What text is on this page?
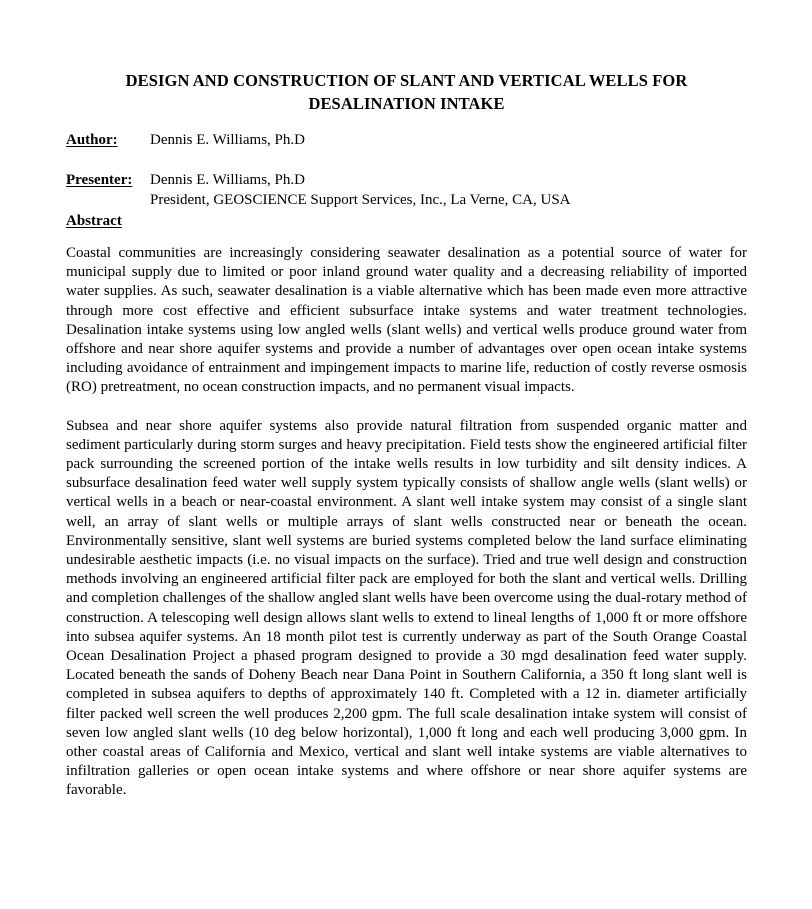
DESIGN AND CONSTRUCTION OF SLANT AND VERTICAL WELLS FOR
DESALINATION INTAKE
Author:	Dennis E. Williams, Ph.D
Presenter:	Dennis E. Williams, Ph.D
President, GEOSCIENCE Support Services, Inc., La Verne, CA, USA
Abstract

Coastal communities are increasingly considering seawater desalination as a potential source of water for municipal supply due to limited or poor inland ground water quality and a decreasing reliability of imported water supplies. As such, seawater desalination is a viable alternative which has been made even more attractive through more cost effective and efficient subsurface intake systems and water treatment technologies. Desalination intake systems using low angled wells (slant wells) and vertical wells produce ground water from offshore and near shore aquifer systems and provide a number of advantages over open ocean intake systems including avoidance of entrainment and impingement impacts to marine life, reduction of costly reverse osmosis (RO) pretreatment, no ocean construction impacts, and no permanent visual impacts.

Subsea and near shore aquifer systems also provide natural filtration from suspended organic matter and sediment particularly during storm surges and heavy precipitation. Field tests show the engineered artificial filter pack surrounding the screened portion of the intake wells results in low turbidity and silt density indices. A subsurface desalination feed water well supply system typically consists of shallow angle wells (slant wells) or vertical wells in a beach or near-coastal environment. A slant well intake system may consist of a single slant well, an array of slant wells or multiple arrays of slant wells constructed near or beneath the ocean. Environmentally sensitive, slant well systems are buried systems completed below the land surface eliminating undesirable aesthetic impacts (i.e. no visual impacts on the surface). Tried and true well design and construction methods involving an engineered artificial filter pack are employed for both the slant and vertical wells. Drilling and completion challenges of the shallow angled slant wells have been overcome using the dual-rotary method of construction. A telescoping well design allows slant wells to extend to lineal lengths of 1,000 ft or more offshore into subsea aquifer systems. An 18 month pilot test is currently underway as part of the South Orange Coastal Ocean Desalination Project a phased program designed to provide a 30 mgd desalination feed water supply. Located beneath the sands of Doheny Beach near Dana Point in Southern California, a 350 ft long slant well is completed in subsea aquifers to depths of approximately 140 ft. Completed with a 12 in. diameter artificially filter packed well screen the well produces 2,200 gpm. The full scale desalination intake system will consist of seven low angled slant wells (10 deg below horizontal), 1,000 ft long and each well producing 3,000 gpm. In other coastal areas of California and Mexico, vertical and slant well intake systems are viable alternatives to infiltration galleries or open ocean intake systems and where offshore or near shore aquifer systems are favorable.
